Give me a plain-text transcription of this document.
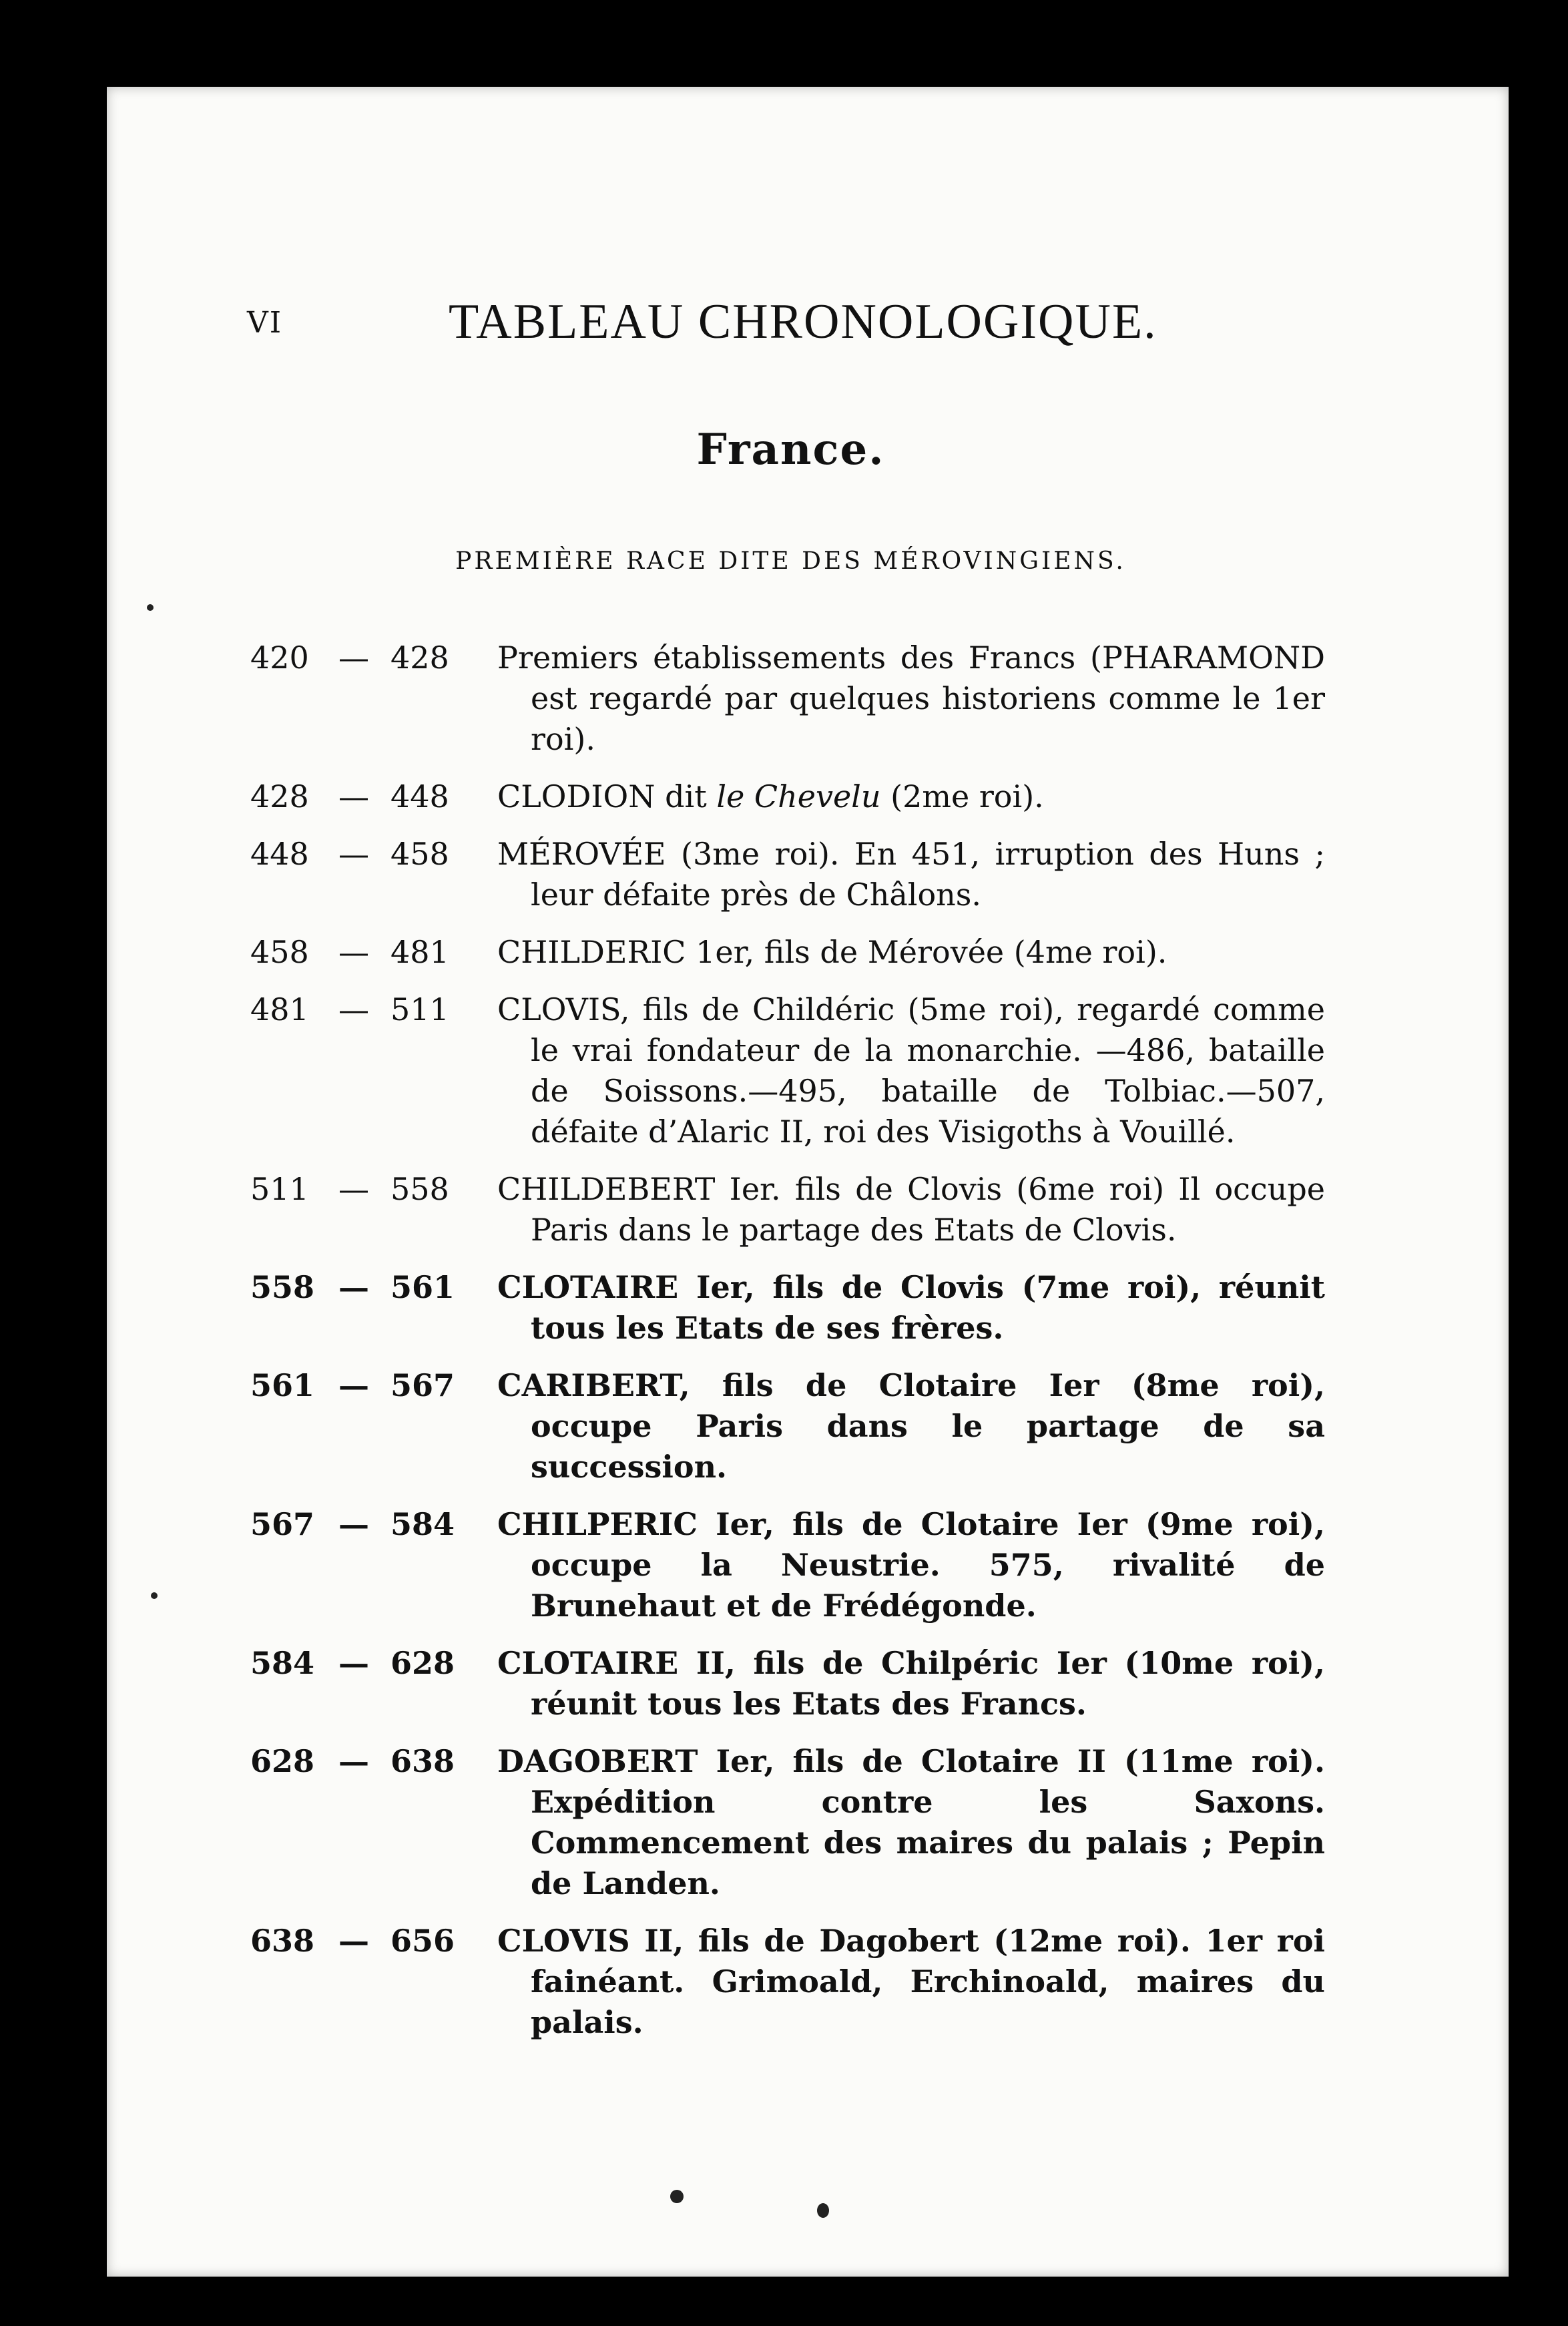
VI	TABLEAU CHRONOLOGIQUE.
France.
PREMIÈRE RACE DITE DES MÉROVINGIENS.
420 — 428 Premiers établissements des Francs (PHARAMOND est regardé par quelques historiens comme le 1er roi).
428 — 448 CLODION dit le Chevelu (2me roi).
448 — 458 MÉROVÉE (3me roi). En 451, irruption des Huns ; leur défaite près de Châlons.
458 — 481 CHILDERIC 1er, fils de Mérovée (4me roi).
481 — 511 CLOVIS, fils de Childéric (5me roi), regardé comme le vrai fondateur de la monarchie. —486, bataille de Soissons.—495, bataille de Tolbiac.—507, défaite d’Alaric II, roi des Visigoths à Vouillé.
511 — 558 CHILDEBERT Ier. fils de Clovis (6me roi) Il occupe Paris dans le partage des Etats de Clovis.
558 — 561 CLOTAIRE Ier, fils de Clovis (7me roi), réunit tous les Etats de ses frères.
561 — 567 CARIBERT, fils de Clotaire Ier (8me roi), occupe Paris dans le partage de sa succession.
567 — 584 CHILPERIC Ier, fils de Clotaire Ier (9me roi), occupe la Neustrie. 575, rivalité de Brunehaut et de Frédégonde.
584 — 628 CLOTAIRE II, fils de Chilpéric Ier (10me roi), réunit tous les Etats des Francs.
628 — 638 DAGOBERT Ier, fils de Clotaire II (11me roi). Expédition contre les Saxons. Commencement des maires du palais ; Pepin de Landen.
638 — 656 CLOVIS II, fils de Dagobert (12me roi). 1er roi fainéant. Grimoald, Erchinoald, maires du palais.
